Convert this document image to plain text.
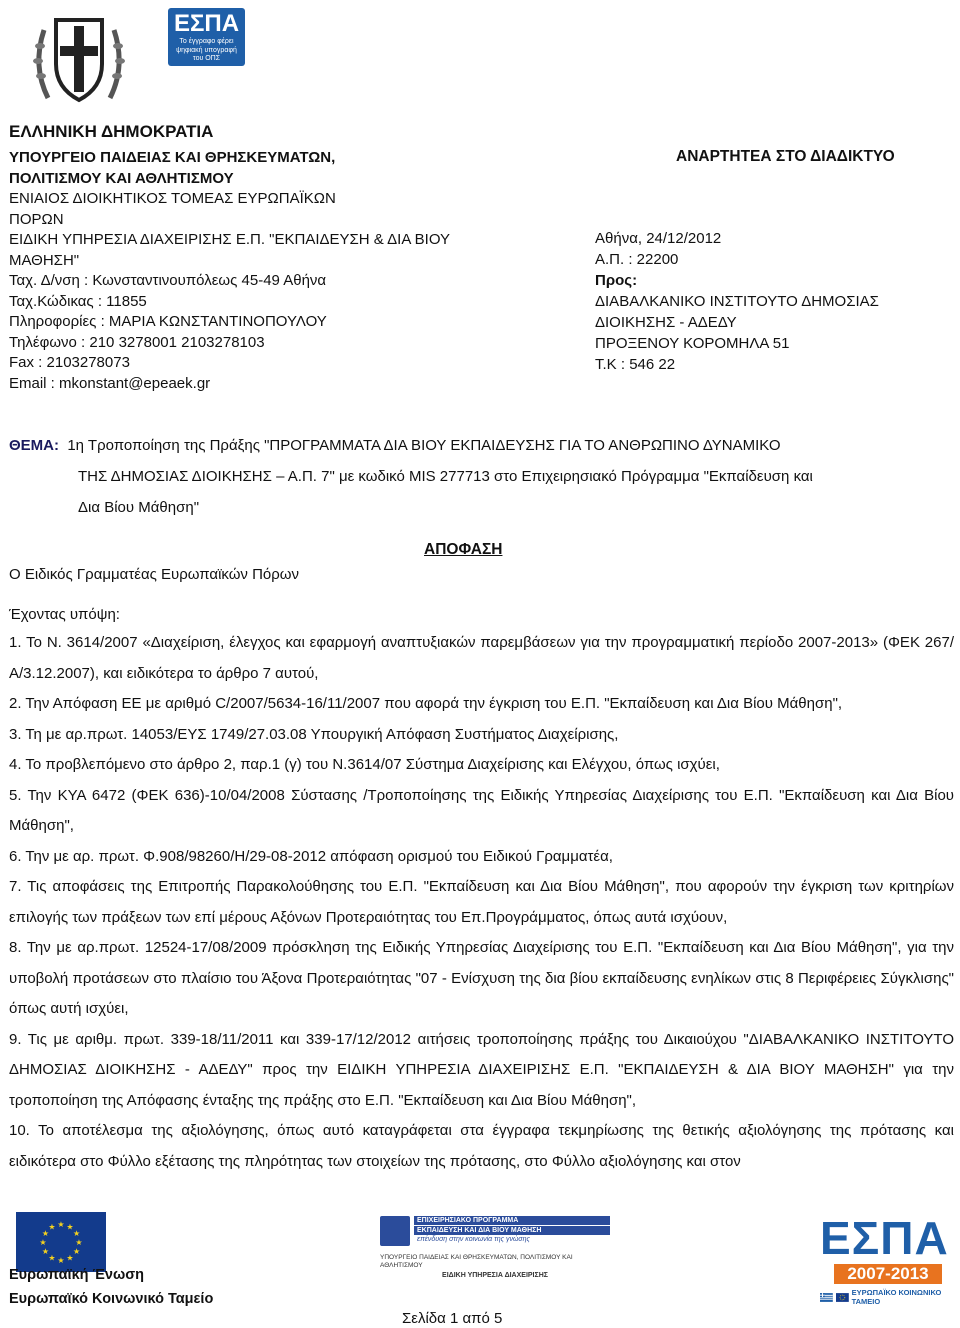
ΕΣΠΑ
Το έγγραφο φέρει ψηφιακή υπογραφή του ΟΠΣ
ΕΛΛΗΝΙΚΗ ΔΗΜΟΚΡΑΤΙΑ
ΥΠΟΥΡΓΕΙΟ ΠΑΙΔΕΙΑΣ ΚΑΙ ΘΡΗΣΚΕΥΜΑΤΩΝ,
ΠΟΛΙΤΙΣΜΟΥ ΚΑΙ ΑΘΛΗΤΙΣΜΟΥ
ΕΝΙΑΙΟΣ ΔΙΟΙΚΗΤΙΚΟΣ ΤΟΜΕΑΣ ΕΥΡΩΠΑΪΚΩΝ
ΠΟΡΩΝ
ΕΙΔΙΚΗ ΥΠΗΡΕΣΙΑ ΔΙΑΧΕΙΡΙΣΗΣ Ε.Π. "ΕΚΠΑΙΔΕΥΣΗ & ΔΙΑ ΒΙΟΥ
ΜΑΘΗΣΗ"
Ταχ. Δ/νση : Κωνσταντινουπόλεως 45-49 Αθήνα
Ταχ.Κώδικας : 11855
Πληροφορίες : ΜΑΡΙΑ ΚΩΝΣΤΑΝΤΙΝΟΠΟΥΛΟΥ
Τηλέφωνο : 210 3278001 2103278103
Fax : 2103278073
Email : mkonstant@epeaek.gr
ΑΝΑΡΤΗΤΕΑ ΣΤΟ ΔΙΑΔΙΚΤΥΟ
Αθήνα, 24/12/2012
Α.Π. : 22200
Προς:
ΔΙΑΒΑΛΚΑΝΙΚΟ ΙΝΣΤΙΤΟΥΤΟ ΔΗΜΟΣΙΑΣ
ΔΙΟΙΚΗΣΗΣ - ΑΔΕΔΥ
ΠΡΟΞΕΝΟΥ ΚΟΡΟΜΗΛΑ 51
Τ.Κ : 546 22
ΘΕΜΑ: 1η Τροποποίηση της Πράξης "ΠΡΟΓΡΑΜΜΑΤΑ ΔΙΑ ΒΙΟΥ ΕΚΠΑΙΔΕΥΣΗΣ ΓΙΑ ΤΟ ΑΝΘΡΩΠΙΝΟ ΔΥΝΑΜΙΚΟ
ΤΗΣ ΔΗΜΟΣΙΑΣ ΔΙΟΙΚΗΣΗΣ – Α.Π. 7" με κωδικό MIS 277713 στο Επιχειρησιακό Πρόγραμμα "Εκπαίδευση και
Δια Βίου Μάθηση"
ΑΠΟΦΑΣΗ
Ο Ειδικός Γραμματέας Ευρωπαϊκών Πόρων
Έχοντας υπόψη:

1. Το Ν. 3614/2007 «Διαχείριση, έλεγχος και εφαρμογή αναπτυξιακών παρεμβάσεων για την προγραμματική περίοδο 2007-2013» (ΦΕΚ 267/Α/3.12.2007), και ειδικότερα το άρθρο 7 αυτού,

2. Την Απόφαση ΕΕ με αριθμό C/2007/5634-16/11/2007 που αφορά την έγκριση του Ε.Π. "Εκπαίδευση και Δια Βίου Μάθηση",

3. Τη με αρ.πρωτ. 14053/ΕΥΣ 1749/27.03.08 Υπουργική Απόφαση Συστήματος Διαχείρισης,

4. Το προβλεπόμενο στο άρθρο 2, παρ.1 (γ) του Ν.3614/07 Σύστημα Διαχείρισης και Ελέγχου, όπως ισχύει,

5. Την ΚΥΑ 6472 (ΦΕΚ 636)-10/04/2008 Σύστασης /Τροποποίησης της Ειδικής Υπηρεσίας Διαχείρισης του Ε.Π. "Εκπαίδευση και Δια Βίου Μάθηση",

6. Την με αρ. πρωτ. Φ.908/98260/Η/29-08-2012 απόφαση ορισμού του Ειδικού Γραμματέα,

7. Τις αποφάσεις της Επιτροπής Παρακολούθησης του Ε.Π. "Εκπαίδευση και Δια Βίου Μάθηση", που αφορούν την έγκριση των κριτηρίων επιλογής των πράξεων των επί μέρους Αξόνων Προτεραιότητας του Επ.Προγράμματος, όπως αυτά ισχύουν,

8. Την με αρ.πρωτ. 12524-17/08/2009 πρόσκληση της Ειδικής Υπηρεσίας Διαχείρισης του Ε.Π. "Εκπαίδευση και Δια Βίου Μάθηση", για την υποβολή προτάσεων στο πλαίσιο του Άξονα Προτεραιότητας "07 - Ενίσχυση της δια βίου εκπαίδευσης ενηλίκων στις 8 Περιφέρειες Σύγκλισης" όπως αυτή ισχύει,

9. Τις με αριθμ. πρωτ. 339-18/11/2011 και 339-17/12/2012 αιτήσεις τροποποίησης πράξης του Δικαιούχου "ΔΙΑΒΑΛΚΑΝΙΚΟ ΙΝΣΤΙΤΟΥΤΟ ΔΗΜΟΣΙΑΣ ΔΙΟΙΚΗΣΗΣ - ΑΔΕΔΥ" προς την ΕΙΔΙΚΗ ΥΠΗΡΕΣΙΑ ΔΙΑΧΕΙΡΙΣΗΣ Ε.Π. "ΕΚΠΑΙΔΕΥΣΗ & ΔΙΑ ΒΙΟΥ ΜΑΘΗΣΗ" για την τροποποίηση της Απόφασης ένταξης της πράξης στο Ε.Π. "Εκπαίδευση και Δια Βίου Μάθηση",

10. Το αποτέλεσμα της αξιολόγησης, όπως αυτό καταγράφεται στα έγγραφα τεκμηρίωσης της θετικής αξιολόγησης της πρότασης και ειδικότερα στο Φύλλο εξέτασης της πληρότητας των στοιχείων της πρότασης, στο Φύλλο αξιολόγησης και στον

★
★
★
★
★
★
★
★
★ ★ ★
★
Ευρωπαϊκή Ένωση
Ευρωπαϊκό Κοινωνικό Ταμείο
ΕΠΙΧΕΙΡΗΣΙΑΚΟ ΠΡΟΓΡΑΜΜΑ
ΕΚΠΑΙΔΕΥΣΗ ΚΑΙ ΔΙΑ ΒΙΟΥ ΜΑΘΗΣΗ
επένδυση στην κοινωνία της γνώσης
ΥΠΟΥΡΓΕΙΟ ΠΑΙΔΕΙΑΣ ΚΑΙ ΘΡΗΣΚΕΥΜΑΤΩΝ, ΠΟΛΙΤΙΣΜΟΥ ΚΑΙ ΑΘΛΗΤΙΣΜΟΥ
ΕΙΔΙΚΗ ΥΠΗΡΕΣΙΑ ΔΙΑΧΕΙΡΙΣΗΣ
ΕΣΠΑ
2007-2013
ΕΥΡΩΠΑΪΚΟ ΚΟΙΝΩΝΙΚΟ ΤΑΜΕΙΟ
Σελίδα 1 από 5
